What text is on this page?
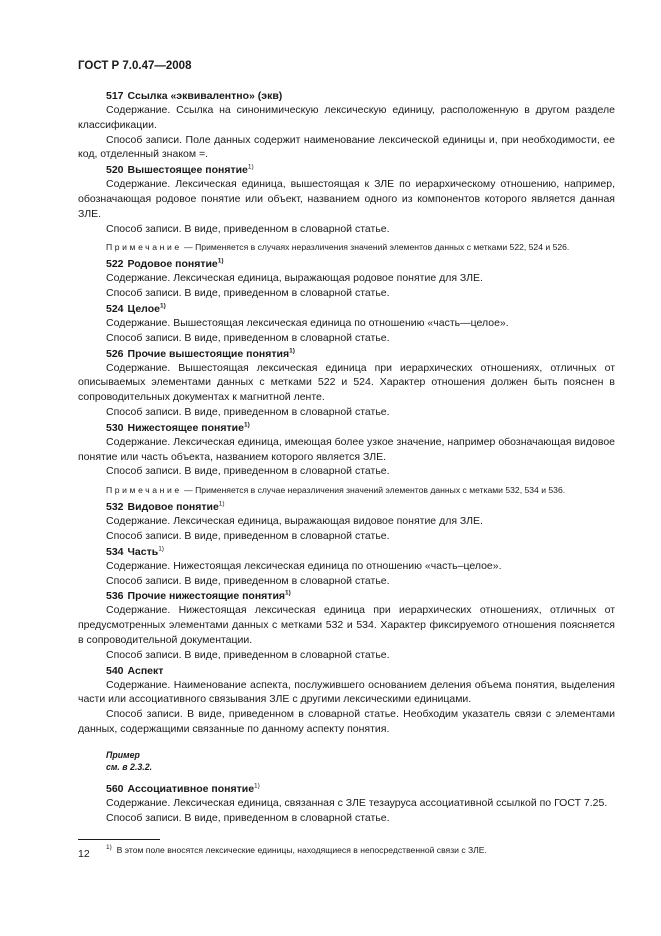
ГОСТ Р 7.0.47—2008
517 Ссылка «эквивалентно» (экв)

Содержание. Ссылка на синонимическую лексическую единицу, расположенную в другом разделе классификации.

Способ записи. Поле данных содержит наименование лексической единицы и, при необходимости, ее код, отделенный знаком =.

520 Вышестоящее понятие$^{1)}$

Содержание. Лексическая единица, вышестоящая к ЗЛЕ по иерархическому отношению, например, обозначающая родовое понятие или объект, названием одного из компонентов которого является данная ЗЛЕ.

Способ записи. В виде, приведенном в словарной статье.

Примечание — Применяется в случаях неразличения значений элементов данных с метками 522, 524 и 526.
522 Родовое понятие$^{1)}$

Содержание. Лексическая единица, выражающая родовое понятие для ЗЛЕ.

Способ записи. В виде, приведенном в словарной статье.

524 Целое$^{1)}$

Содержание. Вышестоящая лексическая единица по отношению «часть—целое».

Способ записи. В виде, приведенном в словарной статье.

526 Прочие вышестоящие понятия$^{1)}$

Содержание. Вышестоящая лексическая единица при иерархических отношениях, отличных от описываемых элементами данных с метками 522 и 524. Характер отношения должен быть пояснен в сопроводительных документах к магнитной ленте.

Способ записи. В виде, приведенном в словарной статье.

530 Нижестоящее понятие$^{1)}$

Содержание. Лексическая единица, имеющая более узкое значение, например обозначающая видовое понятие или часть объекта, названием которого является ЗЛЕ.

Способ записи. В виде, приведенном в словарной статье.

Примечание — Применяется в случае неразличения значений элементов данных с метками 532, 534 и 536.
532 Видовое понятие$^{1)}$

Содержание. Лексическая единица, выражающая видовое понятие для ЗЛЕ.

Способ записи. В виде, приведенном в словарной статье.

534 Часть$^{1)}$

Содержание. Нижестоящая лексическая единица по отношению «часть–целое».

Способ записи. В виде, приведенном в словарной статье.

536 Прочие нижестоящие понятия$^{1)}$

Содержание. Нижестоящая лексическая единица при иерархических отношениях, отличных от предусмотренных элементами данных с метками 532 и 534. Характер фиксируемого отношения поясняется в сопроводительной документации.

Способ записи. В виде, приведенном в словарной статье.

540 Аспект

Содержание. Наименование аспекта, послужившего основанием деления объема понятия, выделения части или ассоциативного связывания ЗЛЕ с другими лексическими единицами.

Способ записи. В виде, приведенном в словарной статье. Необходим указатель связи с элементами данных, содержащими связанные по данному аспекту понятия.

Пример
см. в 2.3.2.
560 Ассоциативное понятие$^{1)}$

Содержание. Лексическая единица, связанная с ЗЛЕ тезауруса ассоциативной ссылкой по ГОСТ 7.25.

Способ записи. В виде, приведенном в словарной статье.

$^{1)}$ В этом поле вносятся лексические единицы, находящиеся в непосредственной связи с ЗЛЕ.
12
